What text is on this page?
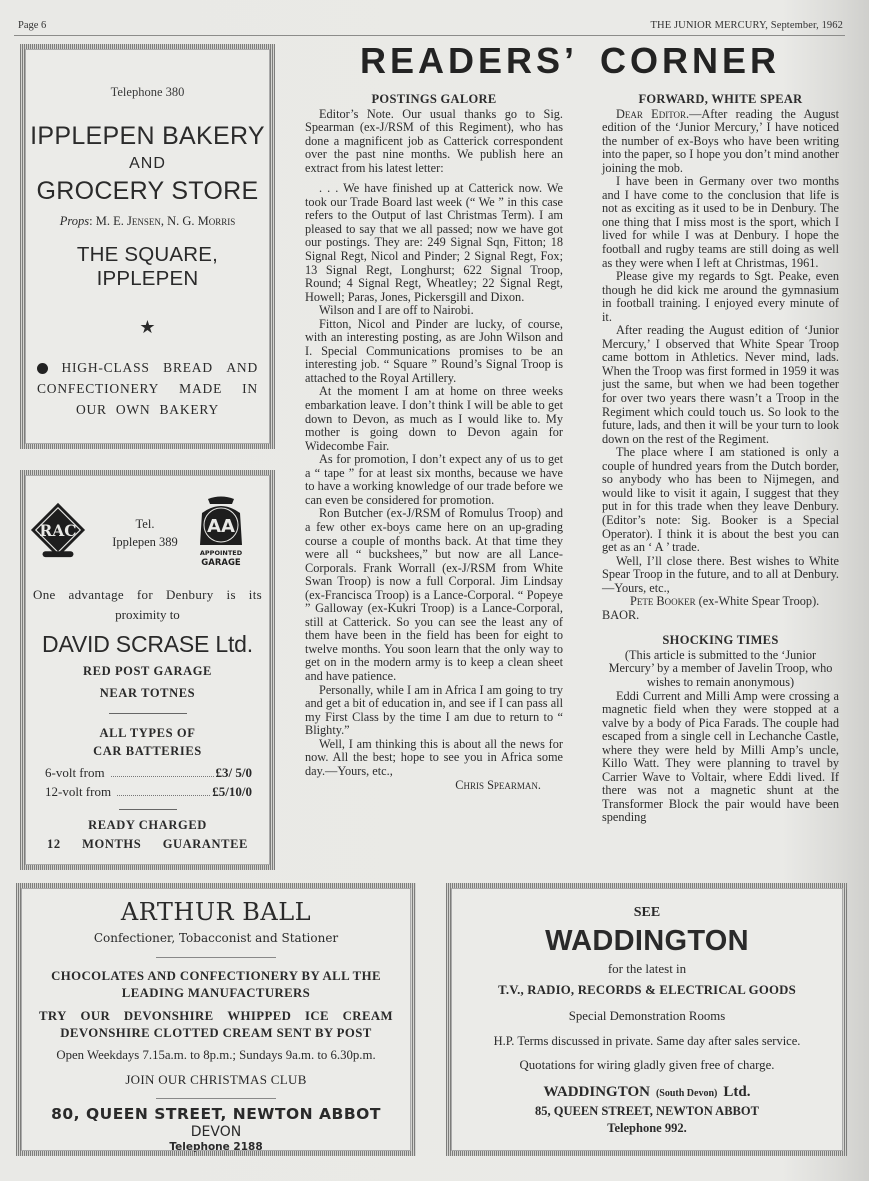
Page 6	THE JUNIOR MERCURY, September, 1962
Telephone 380
IPPLEPEN BAKERY
AND
GROCERY STORE
Props: M. E. Jensen, N. G. Morris
THE SQUARE, IPPLEPEN
★
HIGH-CLASS BREAD AND
CONFECTIONERY MADE IN
OUR OWN BAKERY
RAC	AA
APPOINTED
GARAGE
Tel.
Ipplepen 389
One advantage for Denbury is its
proximity to
DAVID SCRASE Ltd.
RED POST GARAGE
NEAR TOTNES
ALL TYPES OF
CAR BATTERIES
6-volt from	£3/ 5/0
12-volt from	£5/10/0
READY CHARGED
12 MONTHS GUARANTEE
READERS’ CORNER
POSTINGS GALORE

Editor’s Note. Our usual thanks go to Sig. Spearman (ex-J/RSM of this Regiment), who has done a magnificent job as Catterick correspondent over the past nine months. We publish here an extract from his latest letter:

. . . We have finished up at Catterick now. We took our Trade Board last week (“ We ” in this case refers to the Output of last Christmas Term). I am pleased to say that we all passed; now we have got our postings. They are: 249 Signal Sqn, Fitton; 18 Signal Regt, Nicol and Pinder; 2 Signal Regt, Fox; 13 Signal Regt, Longhurst; 622 Signal Troop, Round; 4 Signal Regt, Wheatley; 22 Signal Regt, Howell; Paras, Jones, Pickersgill and Dixon.

Wilson and I are off to Nairobi.

Fitton, Nicol and Pinder are lucky, of course, with an interesting posting, as are John Wilson and I. Special Communications promises to be an interesting job. “ Square ” Round’s Signal Troop is attached to the Royal Artillery.

At the moment I am at home on three weeks embarkation leave. I don’t think I will be able to get down to Devon, as much as I would like to. My mother is going down to Devon again for Widecombe Fair.

As for promotion, I don’t expect any of us to get a “ tape ” for at least six months, because we have to have a working knowledge of our trade before we can even be considered for promotion.

Ron Butcher (ex-J/RSM of Romulus Troop) and a few other ex-boys came here on an up-grading course a couple of months back. At that time they were all “ buckshees,” but now are all Lance-Corporals. Frank Worrall (ex-J/RSM from White Swan Troop) is now a full Corporal. Jim Lindsay (ex-Francisca Troop) is a Lance-Corporal. “ Popeye ” Galloway (ex-Kukri Troop) is a Lance-Corporal, still at Catterick. So you can see the least any of them have been in the field has been for eight to twelve months. You soon learn that the only way to get on in the modern army is to keep a clean sheet and have patience.

Personally, while I am in Africa I am going to try and get a bit of education in, and see if I can pass all my First Class by the time I am due to return to “ Blighty.”

Well, I am thinking this is about all the news for now. All the best; hope to see you in Africa some day.—Yours, etc.,

Chris Spearman.
FORWARD, WHITE SPEAR

Dear Editor.—After reading the August edition of the ‘Junior Mercury,’ I have noticed the number of ex-Boys who have been writing into the paper, so I hope you don’t mind another joining the mob.

I have been in Germany over two months and I have come to the conclusion that life is not as exciting as it used to be in Denbury. The one thing that I miss most is the sport, which I lived for while I was at Denbury. I hope the football and rugby teams are still doing as well as they were when I left at Christmas, 1961.

Please give my regards to Sgt. Peake, even though he did kick me around the gymnasium in football training. I enjoyed every minute of it.

After reading the August edition of ‘Junior Mercury,’ I observed that White Spear Troop came bottom in Athletics. Never mind, lads. When the Troop was first formed in 1959 it was just the same, but when we had been together for over two years there wasn’t a Troop in the Regiment which could touch us. So look to the future, lads, and then it will be your turn to look down on the rest of the Regiment.

The place where I am stationed is only a couple of hundred years from the Dutch border, so anybody who has been to Nijmegen, and would like to visit it again, I suggest that they put in for this trade when they leave Denbury. (Editor’s note: Sig. Booker is a Special Operator). I think it is about the best you can get as an ‘ A ’ trade.

Well, I’ll close there. Best wishes to White Spear Troop in the future, and to all at Denbury.—Yours, etc.,

Pete Booker (ex-White Spear Troop).

BAOR.

SHOCKING TIMES

(This article is submitted to the ‘Junior Mercury’ by a member of Javelin Troop, who wishes to remain anonymous)

Eddi Current and Milli Amp were crossing a magnetic field when they were stopped at a valve by a body of Pica Farads. The couple had escaped from a single cell in Lechanche Castle, where they were held by Milli Amp’s uncle, Killo Watt. They were planning to travel by Carrier Wave to Voltair, where Eddi lived. If there was not a magnetic shunt at the Transformer Block the pair would have been spending

ARTHUR BALL
Confectioner, Tobacconist and Stationer
CHOCOLATES AND CONFECTIONERY BY ALL THE
LEADING MANUFACTURERS
TRY OUR DEVONSHIRE WHIPPED ICE CREAM
DEVONSHIRE CLOTTED CREAM SENT BY POST
Open Weekdays 7.15a.m. to 8p.m.; Sundays 9a.m. to 6.30p.m.
JOIN OUR CHRISTMAS CLUB
80, QUEEN STREET, NEWTON ABBOT
DEVON
Telephone 2188
SEE
WADDINGTON
for the latest in
T.V., RADIO, RECORDS & ELECTRICAL GOODS
Special Demonstration Rooms
H.P. Terms discussed in private. Same day after sales service.
Quotations for wiring gladly given free of charge.
WADDINGTON (South Devon) Ltd.
85, QUEEN STREET, NEWTON ABBOT
Telephone 992.
